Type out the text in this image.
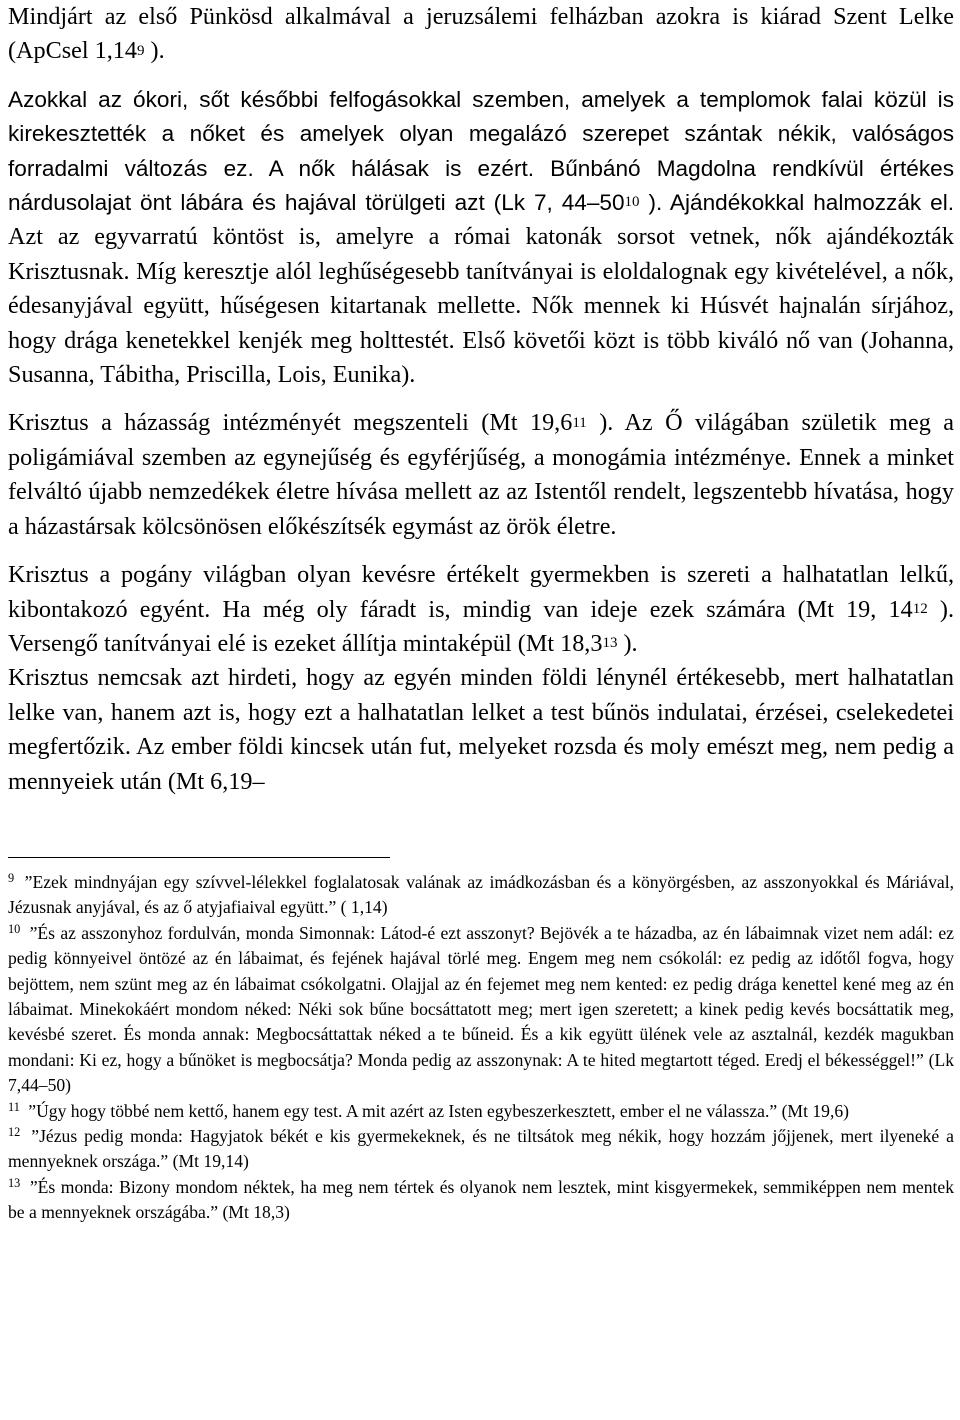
Mindjárt az első Pünkösd alkalmával a jeruzsálemi felházban azokra is kiárad Szent Lelke (ApCsel 1,14$^9$ ).

Azokkal az ókori, sőt későbbi felfogásokkal szemben, amelyek a templomok falai közül is kirekesztették a nőket és amelyek olyan megalázó szerepet szántak nékik, valóságos forradalmi változás ez. A nők hálásak is ezért. Bűnbánó Magdolna rendkívül értékes nárdusolajat önt lábára és hajával törülgeti azt (Lk 7, $44-50^{10}$ ). Ajándékokkal halmozzák el. Azt az egyvarratú köntöst is, amelyre a római katonák sorsot vetnek, nők ajándékozták Krisztusnak. Míg keresztje alól leghűségesebb tanítványai is eloldalognak egy kivételével, a nők, édesanyjával együtt, hűségesen kitartanak mellette. Nők mennek ki Húsvét hajnalán sírjához, hogy drága kenetekkel kenjék meg holttestét. Első követői közt is több kiváló nő van (Johanna, Susanna, Tábitha, Priscilla, Lois, Eunika).

Krisztus a házasság intézményét megszenteli (Mt 19,6$^{11}$ ). Az Ő világában születik meg a poligámiával szemben az egynejűség és egyférjűség, a monogámia intézménye. Ennek a minket felváltó újabb nemzedékek életre hívása mellett az az Istentől rendelt, legszentebb hívatása, hogy a házastársak kölcsönösen előkészítsék egymást az örök életre.

Krisztus a pogány világban olyan kevésre értékelt gyermekben is szereti a halhatatlan lelkű, kibontakozó egyént. Ha még oly fáradt is, mindig van ideje ezek számára (Mt 19, $14^{12}$ ). Versengő tanítványai elé is ezeket állítja mintaképül (Mt 18,3$^{13}$ ).

Krisztus nemcsak azt hirdeti, hogy az egyén minden földi lénynél értékesebb, mert halhatatlan lelke van, hanem azt is, hogy ezt a halhatatlan lelket a test bűnös indulatai, érzései, cselekedetei megfertőzik. Az ember földi kincsek után fut, melyeket rozsda és moly emészt meg, nem pedig a mennyeiek után (Mt 6,19–

$^9$ ”Ezek mindnyájan egy szívvel-lélekkel foglalatosak valának az imádkozásban és a könyörgésben, az asszonyokkal és Máriával, Jézusnak anyjával, és az ő atyjafiaival együtt.” ( 1,14)

$^{10}$ ”És az asszonyhoz fordulván, monda Simonnak: Látod-é ezt asszonyt? Bejövék a te házadba, az én lábaimnak vizet nem adál: ez pedig könnyeivel öntözé az én lábaimat, és fejének hajával törlé meg. Engem meg nem csókolál: ez pedig az időtől fogva, hogy bejöttem, nem szünt meg az én lábaimat csókolgatni. Olajjal az én fejemet meg nem kented: ez pedig drága kenettel kené meg az én lábaimat. Minekokáért mondom néked: Néki sok bűne bocsáttatott meg; mert igen szeretett; a kinek pedig kevés bocsáttatik meg, kevésbé szeret. És monda annak: Megbocsáttattak néked a te bűneid. És a kik együtt ülének vele az asztalnál, kezdék magukban mondani: Ki ez, hogy a bűnöket is megbocsátja? Monda pedig az asszonynak: A te hited megtartott téged. Eredj el békességgel!” (Lk 7,44–50)

$^{11}$ ”Úgy hogy többé nem kettő, hanem egy test. A mit azért az Isten egybeszerkesztett, ember el ne válassza.” (Mt 19,6)

$^{12}$ ”Jézus pedig monda: Hagyjatok békét e kis gyermekeknek, és ne tiltsátok meg nékik, hogy hozzám jőjjenek, mert ilyeneké a mennyeknek országa.” (Mt 19,14)

$^{13}$ ”És monda: Bizony mondom néktek, ha meg nem tértek és olyanok nem lesztek, mint kisgyermekek, semmiképpen nem mentek be a mennyeknek országába.” (Mt 18,3)
